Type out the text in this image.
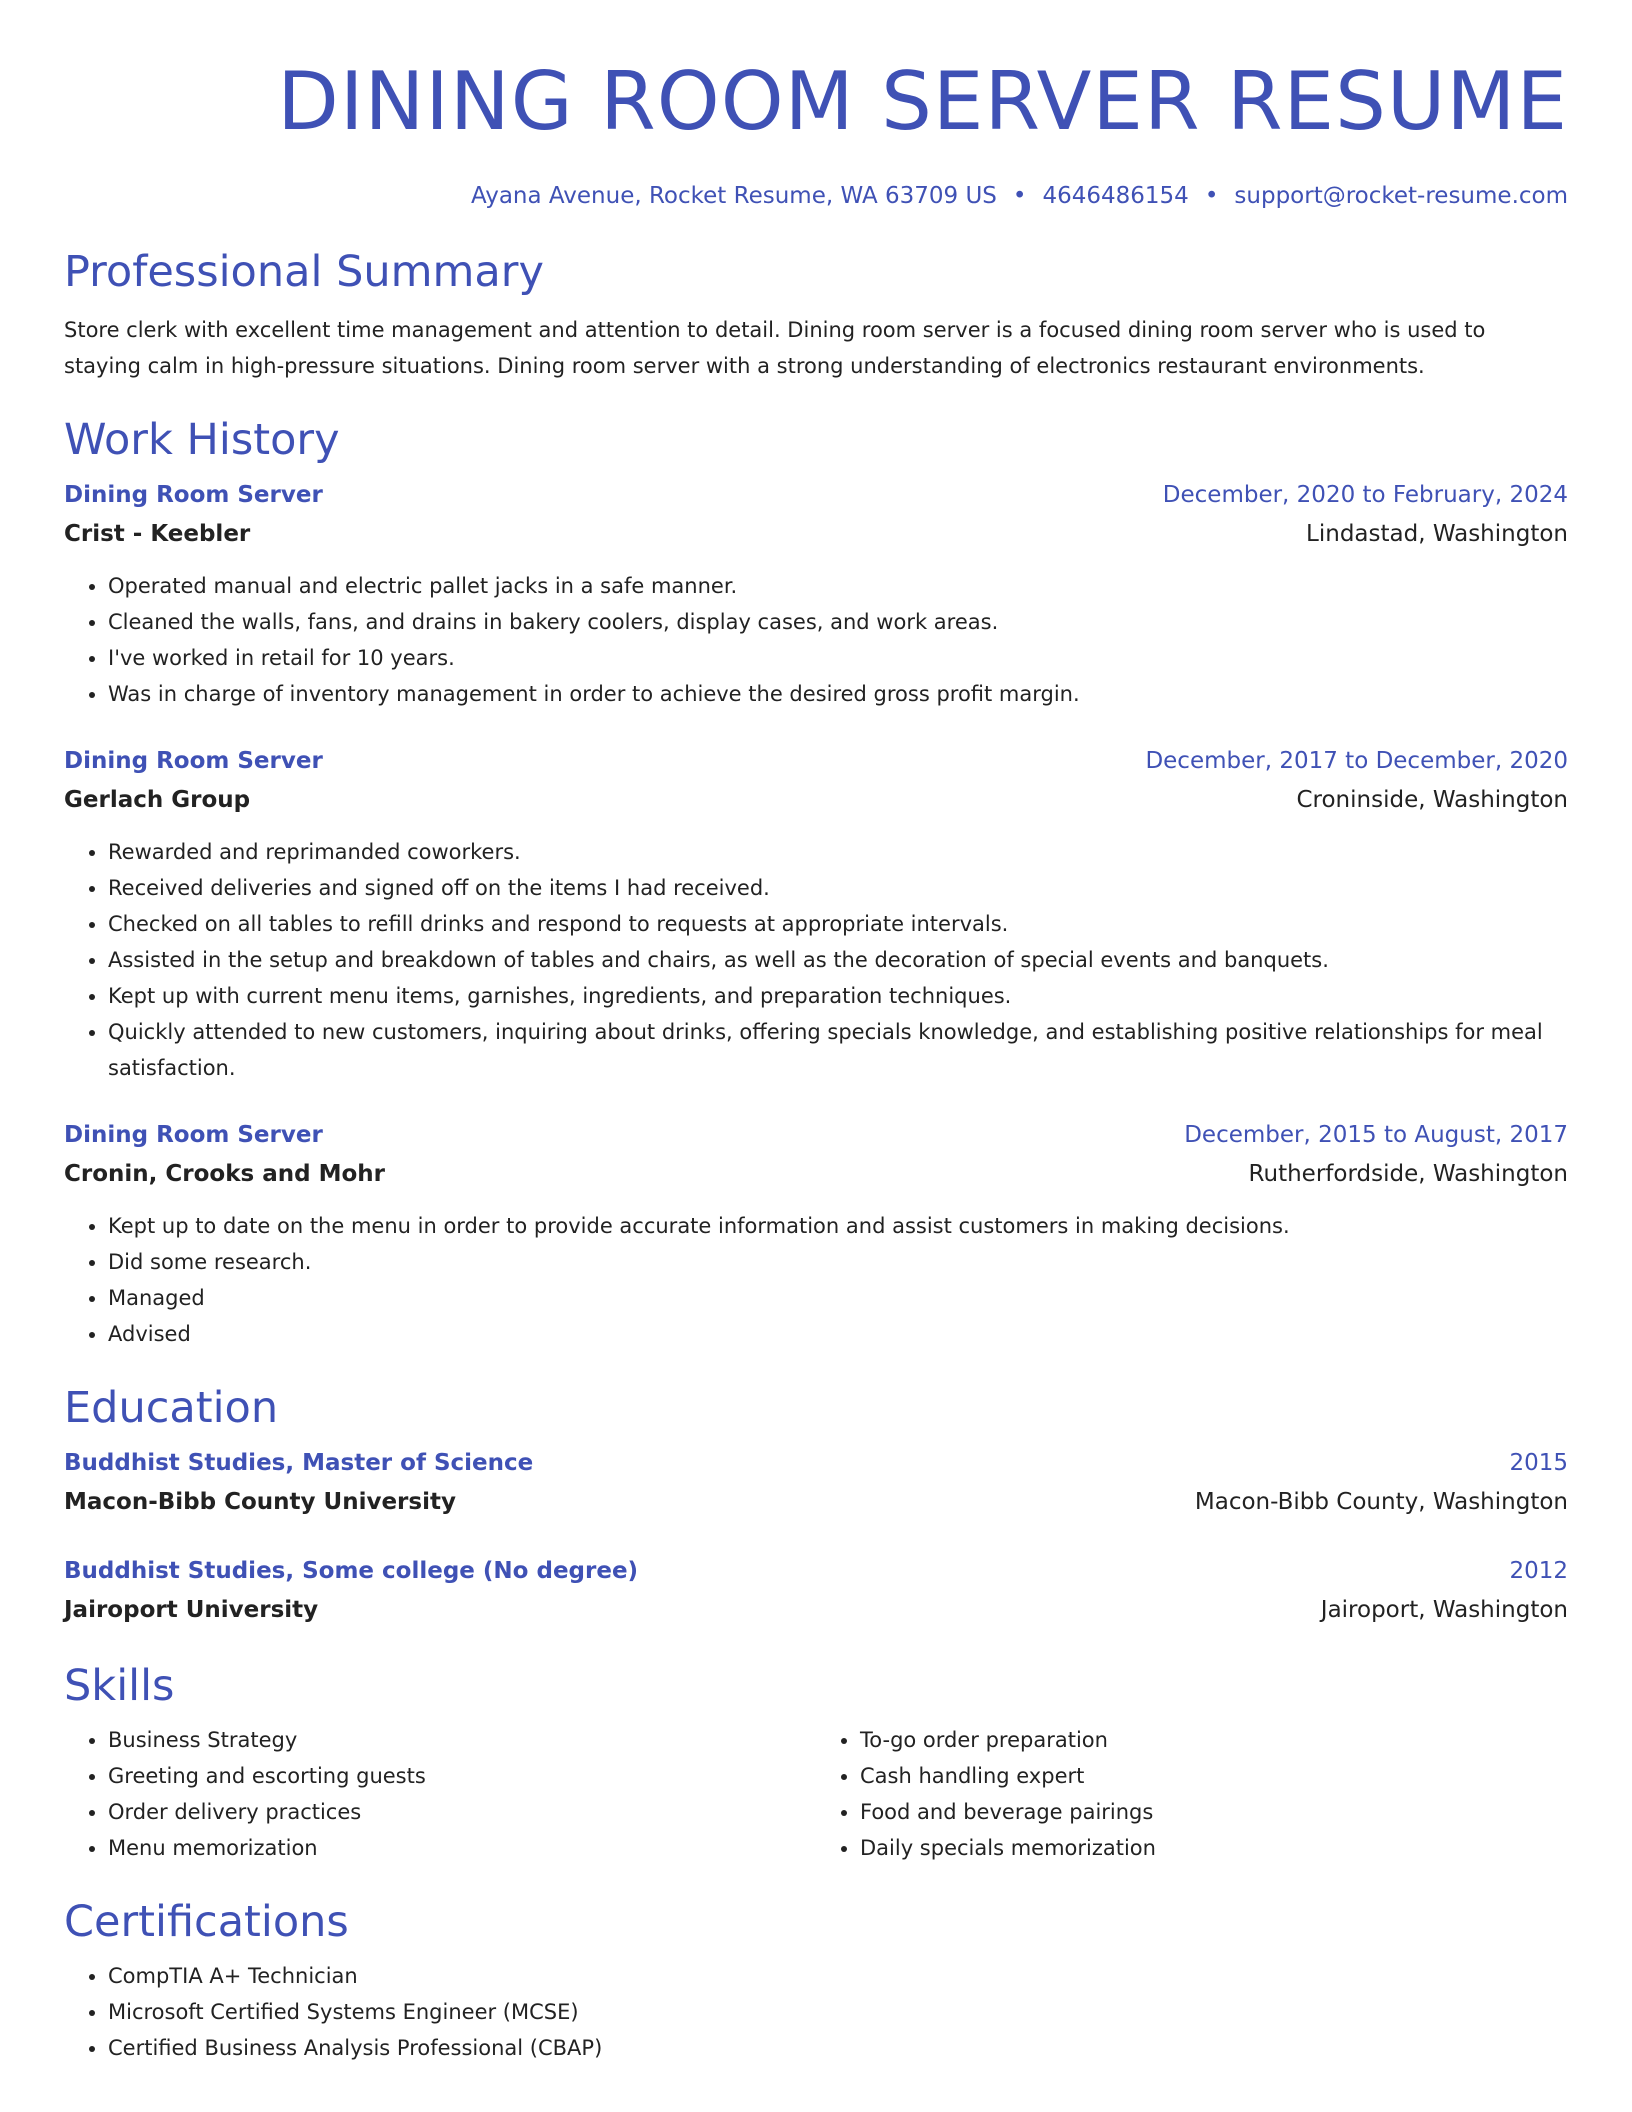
DINING ROOM SERVER RESUME
Ayana Avenue, Rocket Resume, WA 63709 US • 4646486154 • support@rocket-resume.com
Professional Summary
Store clerk with excellent time management and attention to detail. Dining room server is a focused dining room server who is used to staying calm in high-pressure situations. Dining room server with a strong understanding of electronics restaurant environments.
Work History
Dining Room Server	December, 2020 to February, 2024
Crist - Keebler	Lindastad, Washington
• Operated manual and electric pallet jacks in a safe manner.
• Cleaned the walls, fans, and drains in bakery coolers, display cases, and work areas.
• I've worked in retail for 10 years.
• Was in charge of inventory management in order to achieve the desired gross profit margin.
Dining Room Server	December, 2017 to December, 2020
Gerlach Group	Croninside, Washington
• Rewarded and reprimanded coworkers.
• Received deliveries and signed off on the items I had received.
• Checked on all tables to refill drinks and respond to requests at appropriate intervals.
• Assisted in the setup and breakdown of tables and chairs, as well as the decoration of special events and banquets.
• Kept up with current menu items, garnishes, ingredients, and preparation techniques.
• Quickly attended to new customers, inquiring about drinks, offering specials knowledge, and establishing positive relationships for meal satisfaction.
Dining Room Server	December, 2015 to August, 2017
Cronin, Crooks and Mohr	Rutherfordside, Washington
• Kept up to date on the menu in order to provide accurate information and assist customers in making decisions.
• Did some research.
• Managed
• Advised
Education
Buddhist Studies, Master of Science	2015
Macon-Bibb County University	Macon-Bibb County, Washington
Buddhist Studies, Some college (No degree)	2012
Jairoport University	Jairoport, Washington
Skills
• Business Strategy
• Greeting and escorting guests
• Order delivery practices
• Menu memorization
• To-go order preparation
• Cash handling expert
• Food and beverage pairings
• Daily specials memorization
Certifications
• CompTIA A+ Technician
• Microsoft Certified Systems Engineer (MCSE)
• Certified Business Analysis Professional (CBAP)
